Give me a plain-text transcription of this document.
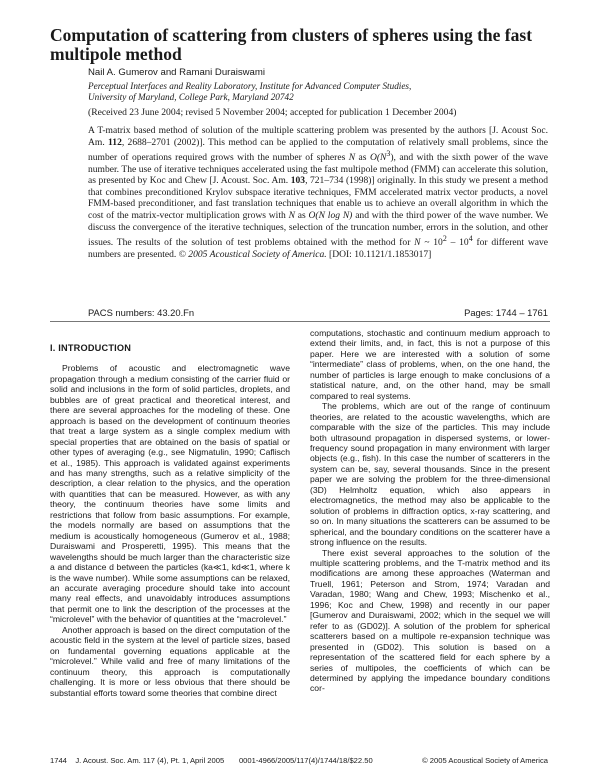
Computation of scattering from clusters of spheres using the fast multipole method
Nail A. Gumerov and Ramani Duraiswami
Perceptual Interfaces and Reality Laboratory, Institute for Advanced Computer Studies,
University of Maryland, College Park, Maryland 20742
(Received 23 June 2004; revised 5 November 2004; accepted for publication 1 December 2004)

A T-matrix based method of solution of the multiple scattering problem was presented by the authors [J. Acoust Soc. Am. 112, 2688–2701 (2002)]. This method can be applied to the computation of relatively small problems, since the number of operations required grows with the number of spheres N as $O(N^3)$, and with the sixth power of the wave number. The use of iterative techniques accelerated using the fast multipole method (FMM) can accelerate this solution, as presented by Koc and Chew [J. Acoust. Soc. Am. 103, 721–734 (1998)] originally. In this study we present a method that combines preconditioned Krylov subspace iterative techniques, FMM accelerated matrix vector products, a novel FMM-based preconditioner, and fast translation techniques that enable us to achieve an overall algorithm in which the cost of the matrix-vector multiplication grows with N as O(N log N) and with the third power of the wave number. We discuss the convergence of the iterative techniques, selection of the truncation number, errors in the solution, and other issues. The results of the solution of test problems obtained with the method for N ~ $10^2 - 10^4$ for different wave numbers are presented. © 2005 Acoustical Society of America. [DOI: 10.1121/1.1853017]

PACS numbers: 43.20.Fn	Pages: 1744 – 1761
I. INTRODUCTION

Problems of acoustic and electromagnetic wave propagation through a medium consisting of the carrier fluid or solid and inclusions in the form of solid particles, droplets, and bubbles are of great practical and theoretical interest, and there are several approaches for the modeling of these. One approach is based on the development of continuum theories that treat a large system as a single complex medium with special properties that are obtained on the basis of spatial or other types of averaging (e.g., see Nigmatulin, 1990; Caflisch et al., 1985). This approach is validated against experiments and has many strengths, such as a relative simplicity of the description, a clear relation to the physics, and the operation with quantities that can be measured. However, as with any theory, the continuum theories have some limits and restrictions that follow from basic assumptions. For example, the models normally are based on assumptions that the medium is acoustically homogeneous (Gumerov et al., 1988; Duraiswami and Prosperetti, 1995). This means that the wavelengths should be much larger than the characteristic size a and distance d between the particles (ka≪1, kd≪1, where k is the wave number). While some assumptions can be relaxed, an accurate averaging procedure should take into account many real effects, and unavoidably introduces assumptions that permit one to link the description of the processes at the “microlevel” with the behavior of quantities at the “macrolevel.”

Another approach is based on the direct computation of the acoustic field in the system at the level of particle sizes, based on fundamental governing equations applicable at the “microlevel.” While valid and free of many limitations of the continuum theory, this approach is computationally challenging. It is more or less obvious that there should be substantial efforts toward some theories that combine direct

computations, stochastic and continuum medium approach to extend their limits, and, in fact, this is not a purpose of this paper. Here we are interested with a solution of some “intermediate” class of problems, when, on the one hand, the number of particles is large enough to make conclusions of a statistical nature, and, on the other hand, may be small compared to real systems.

The problems, which are out of the range of continuum theories, are related to the acoustic wavelengths, which are comparable with the size of the particles. This may include both ultrasound propagation in dispersed systems, or lower-frequency sound propagation in many environment with larger objects (e.g., fish). In this case the number of scatterers in the system can be, say, several thousands. Since in the present paper we are solving the problem for the three-dimensional (3D) Helmholtz equation, which also appears in electromagnetics, the method may also be applicable to the solution of problems in diffraction optics, x-ray scattering, and so on. In many situations the scatterers can be assumed to be spherical, and the boundary conditions on the scatterer have a strong influence on the results.

There exist several approaches to the solution of the multiple scattering problems, and the T-matrix method and its modifications are among these approaches (Waterman and Truell, 1961; Peterson and Strom, 1974; Varadan and Varadan, 1980; Wang and Chew, 1993; Mischenko et al., 1996; Koc and Chew, 1998) and recently in our paper [Gumerov and Duraiswami, 2002; which in the sequel we will refer to as (GD02)]. A solution of the problem for spherical scatterers based on a multipole re-expansion technique was presented in (GD02). This solution is based on a representation of the scattered field for each sphere by a series of multipoles, the coefficients of which can be determined by applying the impedance boundary conditions cor-

1744    J. Acoust. Soc. Am. 117 (4), Pt. 1, April 2005       0001-4966/2005/117(4)/1744/18/$22.50	© 2005 Acoustical Society of America
